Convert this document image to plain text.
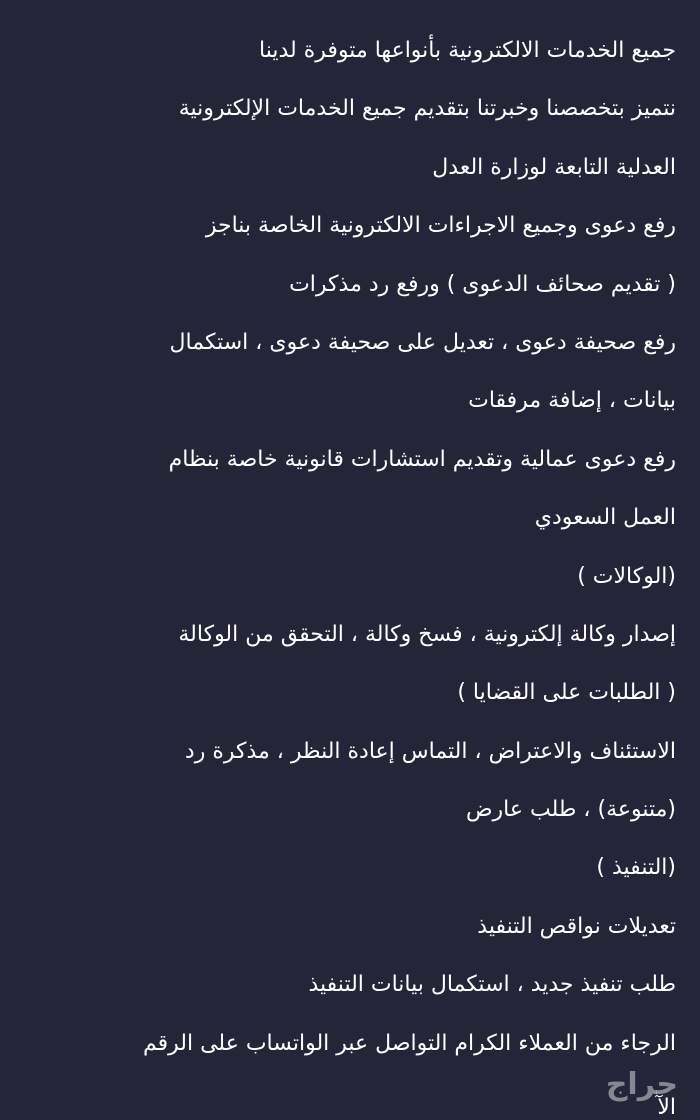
جميع الخدمات الالكترونية بأنواعها متوفرة لدينا
نتميز بتخصصنا وخبرتنا بتقديم جميع الخدمات الإلكترونية
العدلية التابعة لوزارة العدل
رفع دعوى وجميع الاجراءات الالكترونية الخاصة بناجز
( تقديم صحائف الدعوى ) ورفع رد مذكرات
رفع صحيفة دعوى ، تعديل على صحيفة دعوى ، استكمال
بيانات ، إضافة مرفقات
رفع دعوى عمالية وتقديم استشارات قانونية خاصة بنظام
العمل السعودي
(الوكالات )
إصدار وكالة إلكترونية ، فسخ وكالة ، التحقق من الوكالة
( الطلبات على القضايا )
الاستئناف والاعتراض ، التماس إعادة النظر ، مذكرة رد
(متنوعة) ، طلب عارض
(التنفيذ )
تعديلات نواقص التنفيذ
طلب تنفيذ جديد ، استكمال بيانات التنفيذ
الرجاء من العملاء الكرام التواصل عبر الواتساب على الرقم
الآ
حراج
